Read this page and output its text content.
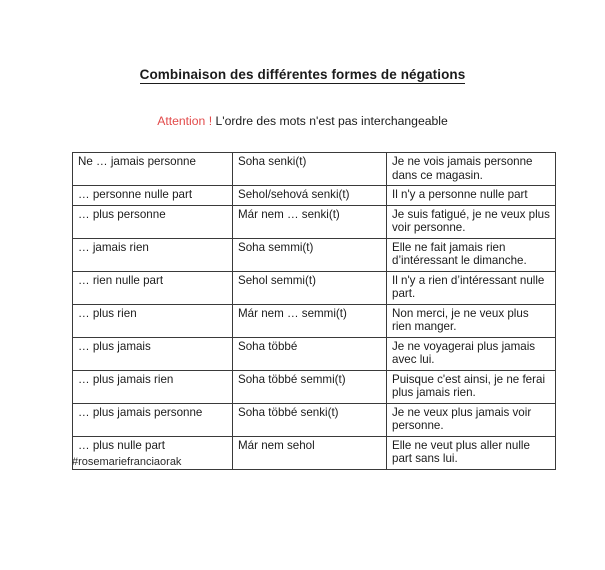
Combinaison des différentes formes de négations
Attention ! L'ordre des mots n'est pas interchangeable
Ne … jamais personne	Soha senki(t)	Je ne vois jamais personne dans ce magasin.
… personne nulle part	Sehol/sehová senki(t)	Il n'y a personne nulle part
… plus personne	Már nem … senki(t)	Je suis fatigué, je ne veux plus voir personne.
… jamais rien	Soha semmi(t)	Elle ne fait jamais rien d’intéressant le dimanche.
… rien nulle part	Sehol semmi(t)	Il n'y a rien d’intéressant nulle part.
… plus rien	Már nem … semmi(t)	Non merci, je ne veux plus rien manger.
… plus jamais	Soha többé	Je ne voyagerai plus jamais avec lui.
… plus jamais rien	Soha többé semmi(t)	Puisque c'est ainsi, je ne ferai plus jamais rien.
… plus jamais personne	Soha többé senki(t)	Je ne veux plus jamais voir personne.
… plus nulle part	Már nem sehol	Elle ne veut plus aller nulle part sans lui.
#rosemariefranciaorak
